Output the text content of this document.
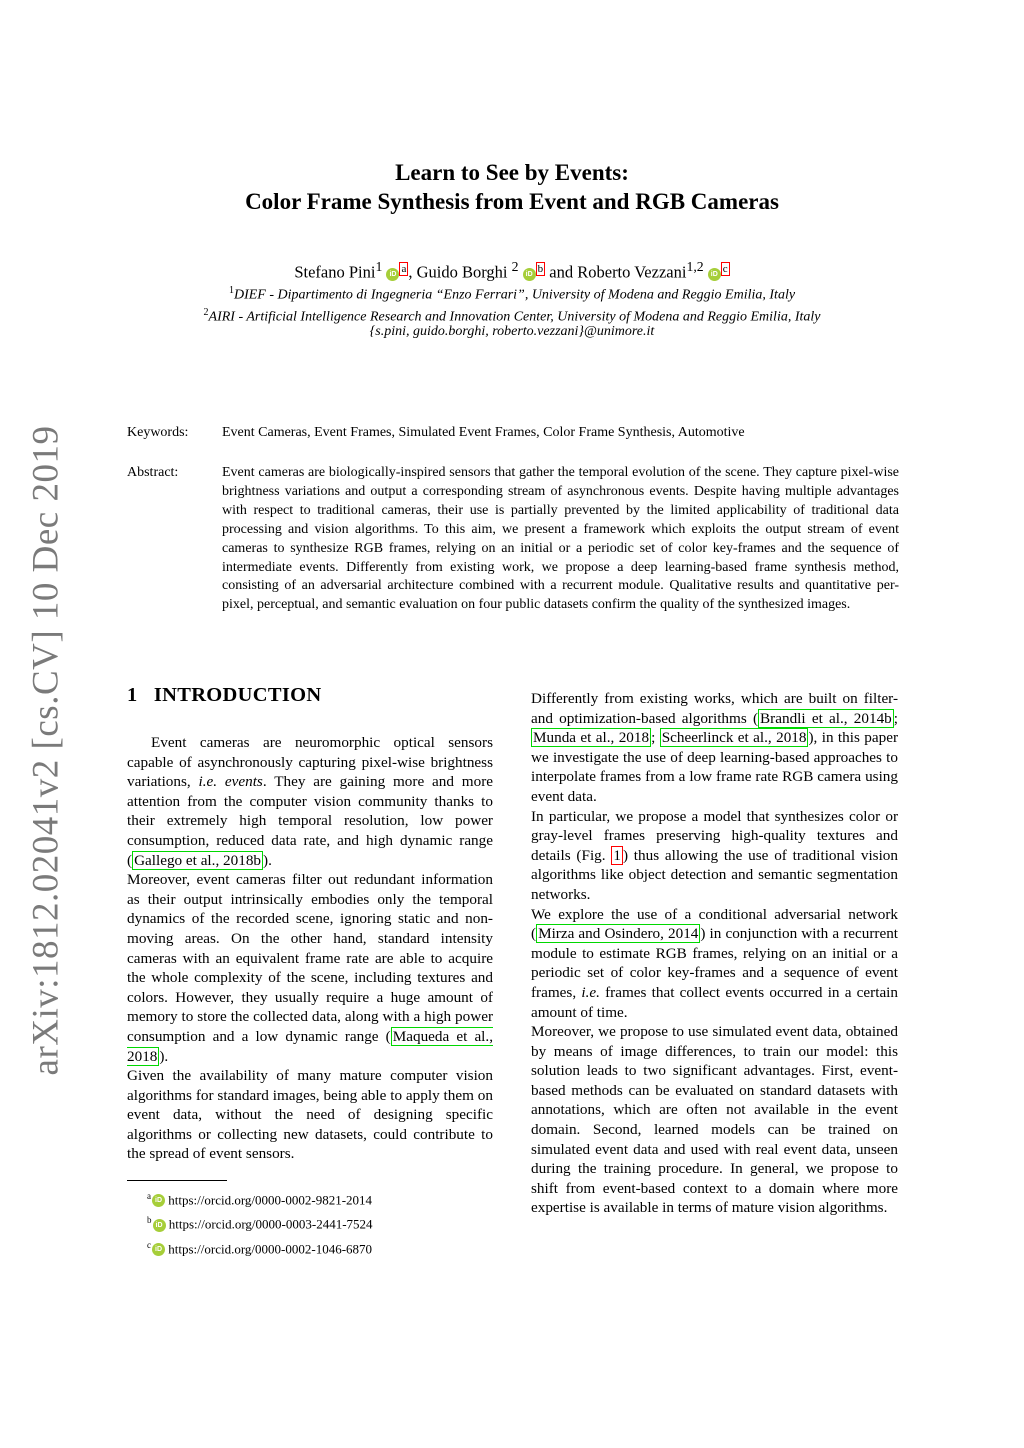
arXiv:1812.02041v2 [cs.CV] 10 Dec 2019
Learn to See by Events:
Color Frame Synthesis from Event and RGB Cameras
Stefano Pini$^1$ iD a , Guido Borghi $^2$ iD b and Roberto Vezzani$^{1,2}$ iD c
$^1$DIEF - Dipartimento di Ingegneria “Enzo Ferrari”, University of Modena and Reggio Emilia, Italy
$^2$AIRI - Artificial Intelligence Research and Innovation Center, University of Modena and Reggio Emilia, Italy
{s.pini, guido.borghi, roberto.vezzani}@unimore.it
Keywords:	Event Cameras, Event Frames, Simulated Event Frames, Color Frame Synthesis, Automotive
Abstract:	Event cameras are biologically-inspired sensors that gather the temporal evolution of the scene. They capture pixel-wise brightness variations and output a corresponding stream of asynchronous events. Despite having multiple advantages with respect to traditional cameras, their use is partially prevented by the limited applicability of traditional data processing and vision algorithms. To this aim, we present a framework which exploits the output stream of event cameras to synthesize RGB frames, relying on an initial or a periodic set of color key-frames and the sequence of intermediate events. Differently from existing work, we propose a deep learning-based frame synthesis method, consisting of an adversarial architecture combined with a recurrent module. Qualitative results and quantitative per-pixel, perceptual, and semantic evaluation on four public datasets confirm the quality of the synthesized images.
1 INTRODUCTION

Event cameras are neuromorphic optical sensors capable of asynchronously capturing pixel-wise brightness variations, i.e. events. They are gaining more and more attention from the computer vision community thanks to their extremely high temporal resolution, low power consumption, reduced data rate, and high dynamic range ( Gallego et al., 2018b ).

Moreover, event cameras filter out redundant information as their output intrinsically embodies only the temporal dynamics of the recorded scene, ignoring static and non-moving areas. On the other hand, standard intensity cameras with an equivalent frame rate are able to acquire the whole complexity of the scene, including textures and colors. However, they usually require a huge amount of memory to store the collected data, along with a high power consumption and a low dynamic range ( Maqueda et al., 2018 ).

Given the availability of many mature computer vision algorithms for standard images, being able to apply them on event data, without the need of designing specific algorithms or collecting new datasets, could contribute to the spread of event sensors.

Differently from existing works, which are built on filter- and optimization-based algorithms ( Brandli et al., 2014b ; Munda et al., 2018 ; Scheerlinck et al., 2018 ), in this paper we investigate the use of deep learning-based approaches to interpolate frames from a low frame rate RGB camera using event data.

In particular, we propose a model that synthesizes color or gray-level frames preserving high-quality textures and details (Fig. 1 ) thus allowing the use of traditional vision algorithms like object detection and semantic segmentation networks.

We explore the use of a conditional adversarial network ( Mirza and Osindero, 2014 ) in conjunction with a recurrent module to estimate RGB frames, relying on an initial or a periodic set of color key-frames and a sequence of event frames, i.e. frames that collect events occurred in a certain amount of time.

Moreover, we propose to use simulated event data, obtained by means of image differences, to train our model: this solution leads to two significant advantages. First, event-based methods can be evaluated on standard datasets with annotations, which are often not available in the event domain. Second, learned models can be trained on simulated event data and used with real event data, unseen during the training procedure. In general, we propose to shift from event-based context to a domain where more expertise is available in terms of mature vision algorithms.

$^a$ iD https://orcid.org/0000-0002-9821-2014
$^b$ iD https://orcid.org/0000-0003-2441-7524
$^c$ iD https://orcid.org/0000-0002-1046-6870
